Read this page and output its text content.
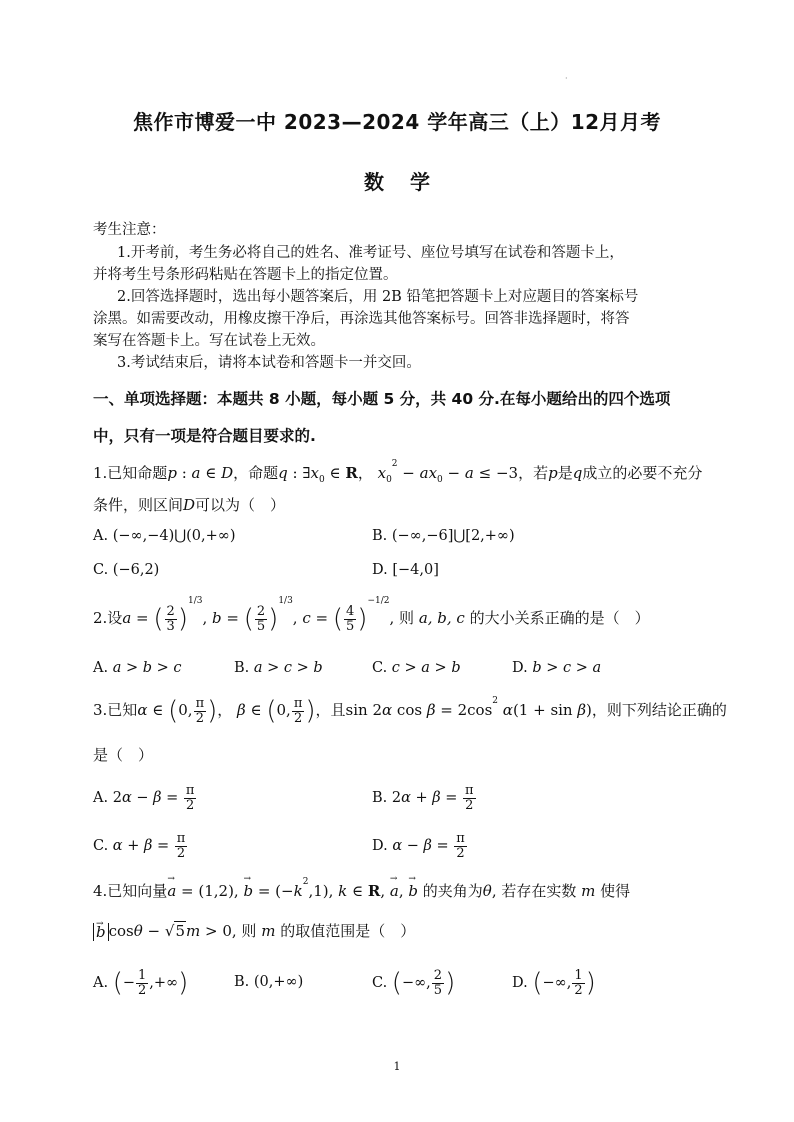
·
焦作市博爱一中 2023—2024 学年高三（上）12月月考
数学
考生注意：
1.开考前，考生务必将自己的姓名、准考证号、座位号填写在试卷和答题卡上，
并将考生号条形码粘贴在答题卡上的指定位置。
2.回答选择题时，选出每小题答案后，用 2B 铅笔把答题卡上对应题目的答案标号
涂黑。如需要改动，用橡皮擦干净后，再涂选其他答案标号。回答非选择题时，将答
案写在答题卡上。写在试卷上无效。
3.考试结束后，请将本试卷和答题卡一并交回。
一、单项选择题：本题共 8 小题，每小题 5 分，共 40 分.在每小题给出的四个选项
中，只有一项是符合题目要求的.
1.已知命题p : a ∈ D，命题q : $\exists x_0$ ∈ R， $x_0^2 - ax_0 - a \le -3$，若p是q成立的必要不充分
条件，则区间D可以为（　）
A. (−∞,−4)⋃(0,+∞)	B. (−∞,−6]⋃[2,+∞)
C. (−6,2)	D. [−4,0]
2.设a = ( $\frac{2}{3} )^{1/3}$, b = ( $\frac{2}{5} )^{1/3}$, c = ( $\frac{4}{5} )^{-1/2}$, 则 a, b, c 的大小关系正确的是（　）
A. a > b > c	B. a > c > b	C. c > a > b	D. b > c > a
3.已知α ∈ (0, $\frac{\pi}{2}$ )， β ∈ (0, $\frac{\pi}{2}$ )，且sin 2α $\cos \beta = 2\cos^2$ α(1 + sin β)，则下列结论正确的
是（　）
A. $2\alpha - \beta = \frac{\pi}{2}$	B. $2\alpha + \beta = \frac{\pi}{2}$
C. $\alpha + \beta = \frac{\pi}{2}$	D. $\alpha - \beta = \frac{\pi}{2}$
4.已知向量→ a = (1,2), → $b = (-k^2,1)$, k ∈ R, → a, → b 的夹角为θ, 若存在实数 m 使得
→ b cosθ − √5m > 0, 则 m 的取值范围是（　）
A. (− $\frac{1}{2}$ ,+∞)	B. (0,+∞)	C. (−∞, $\frac{2}{5}$ )	D. (−∞, $\frac{1}{2}$ )
1
